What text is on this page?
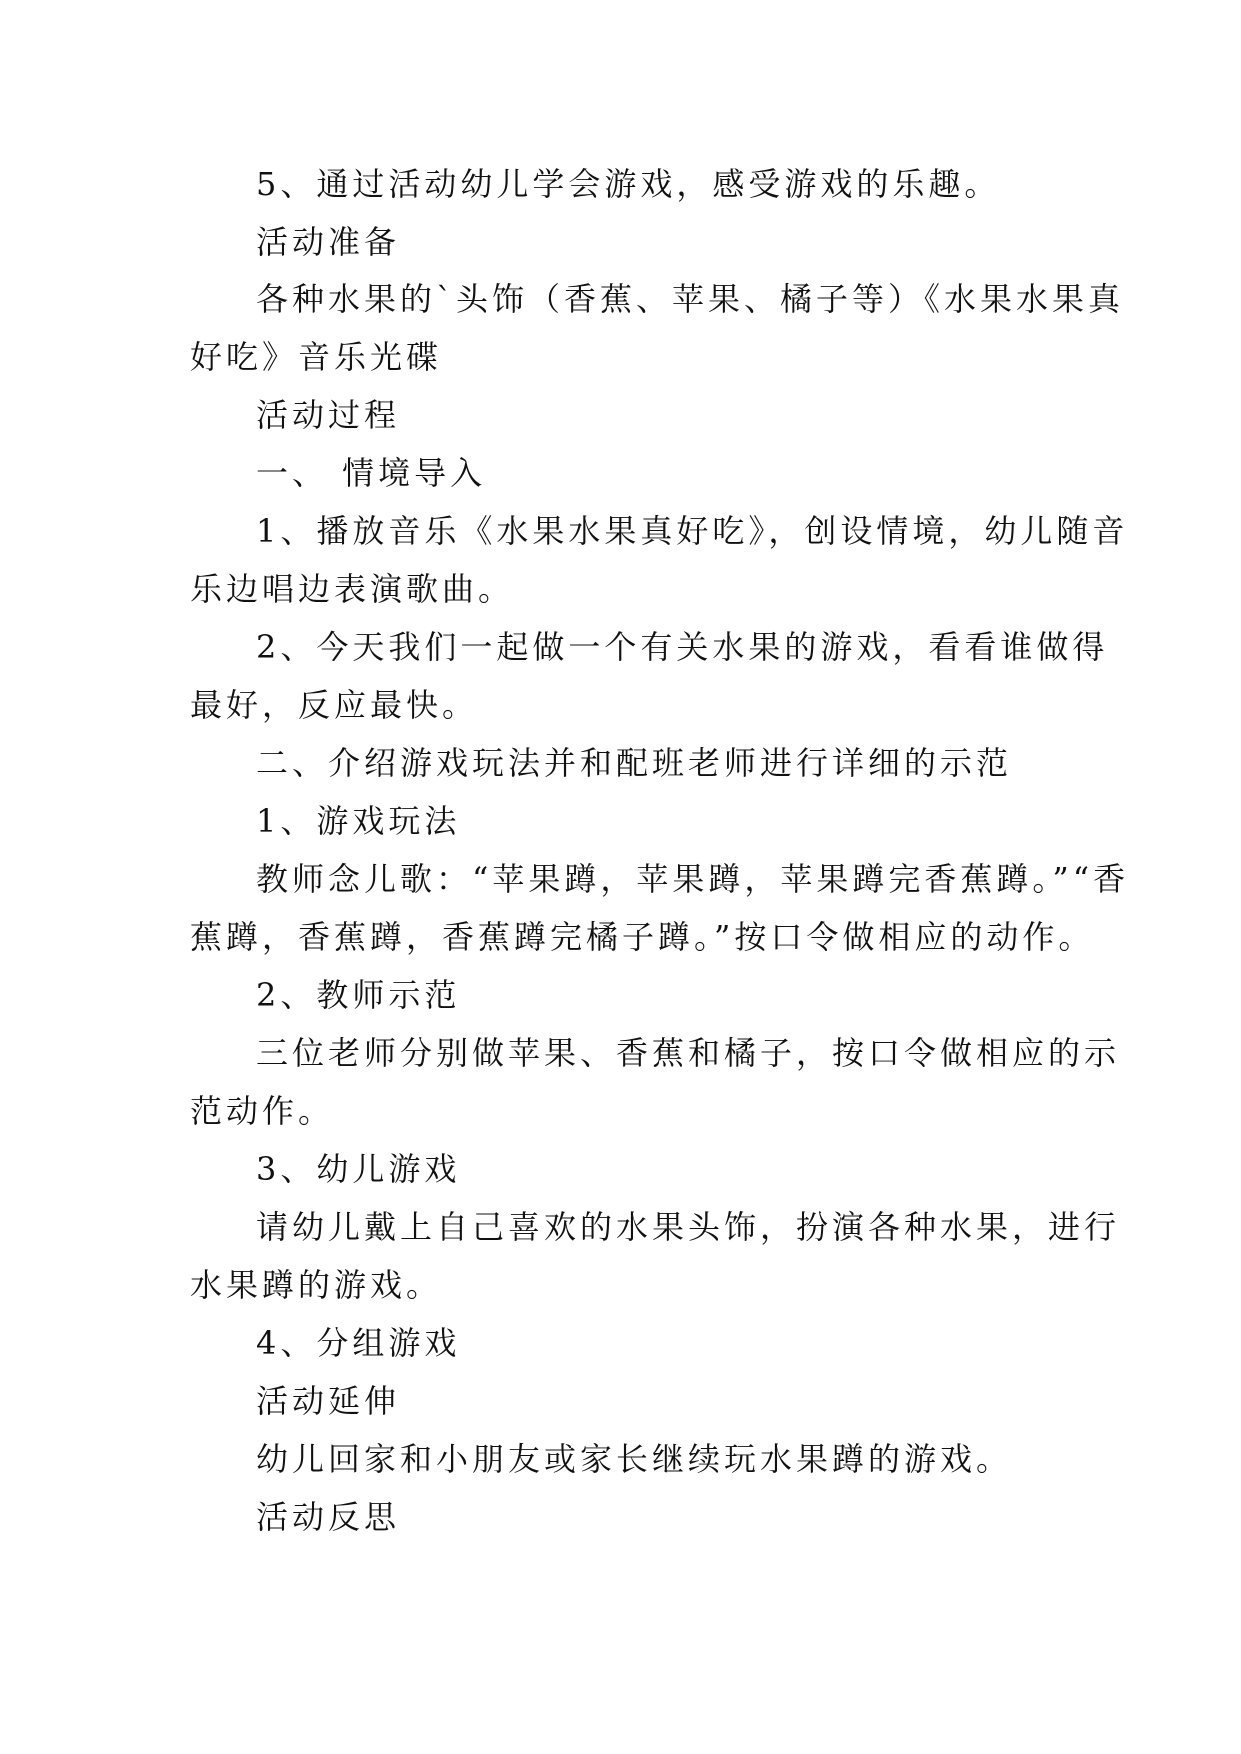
5、通过活动幼儿学会游戏，感受游戏的乐趣。

活动准备

各种水果的`头饰（香蕉、苹果、橘子等）《水果水果真

好吃》音乐光碟

活动过程

一、 情境导入

1、播放音乐《水果水果真好吃》，创设情境，幼儿随音

乐边唱边表演歌曲。

2、今天我们一起做一个有关水果的游戏，看看谁做得

最好，反应最快。

二、介绍游戏玩法并和配班老师进行详细的示范

1、游戏玩法

教师念儿歌：“苹果蹲，苹果蹲，苹果蹲完香蕉蹲。”“香

蕉蹲，香蕉蹲，香蕉蹲完橘子蹲。”按口令做相应的动作。

2、教师示范

三位老师分别做苹果、香蕉和橘子，按口令做相应的示

范动作。

3、幼儿游戏

请幼儿戴上自己喜欢的水果头饰，扮演各种水果，进行

水果蹲的游戏。

4、分组游戏

活动延伸

幼儿回家和小朋友或家长继续玩水果蹲的游戏。

活动反思
